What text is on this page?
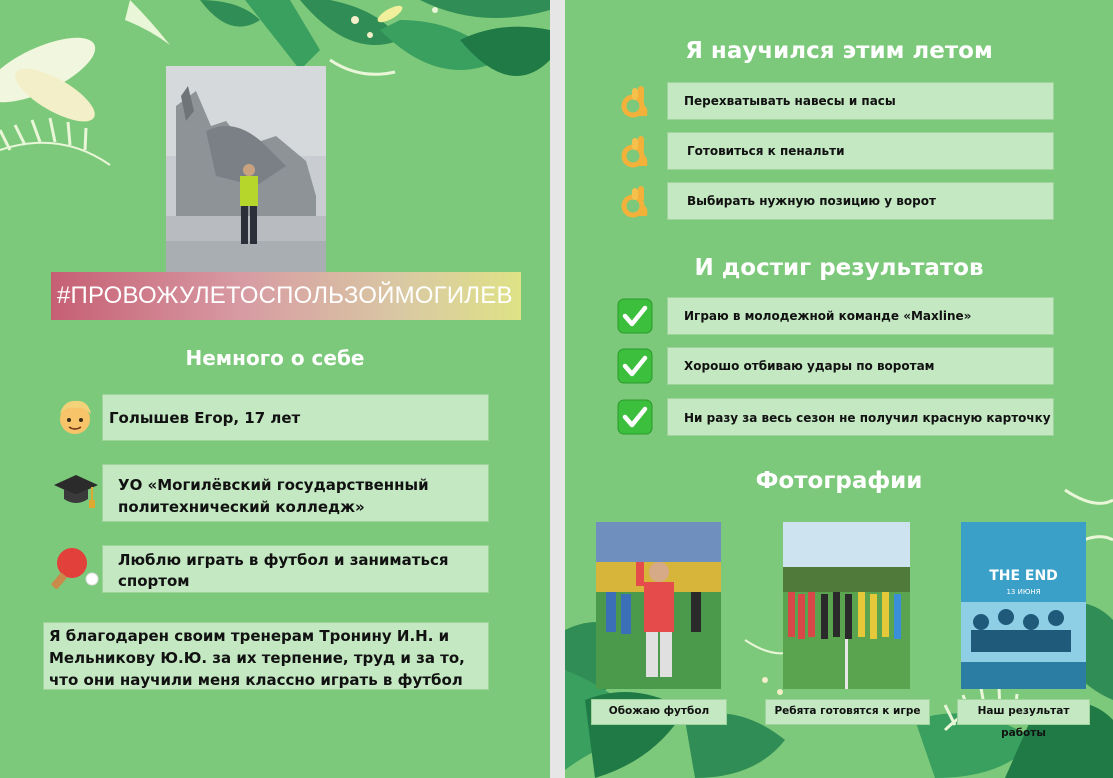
#ПРОВОЖУЛЕТОСПОЛЬЗОЙМОГИЛЕВ
Немного о себе
Голышев Егор, 17 лет
УО «Могилёвский государственный политехнический колледж»
Люблю играть в футбол и заниматься спортом
Я благодарен своим тренерам Тронину И.Н. и Мельникову Ю.Ю. за их терпение, труд и за то, что они научили меня классно играть в футбол
Я научился этим летом
Перехватывать навесы и пасы
Готовиться к пенальти
Выбирать нужную позицию у ворот
И достиг результатов
Играю в молодежной команде «Maxline»
Хорошо отбиваю удары по воротам
Ни разу за весь сезон не получил красную карточку
Фотографии
THE END
13 ИЮНЯ
Обожаю футбол	Ребята готовятся к игре	Наш результат работы
